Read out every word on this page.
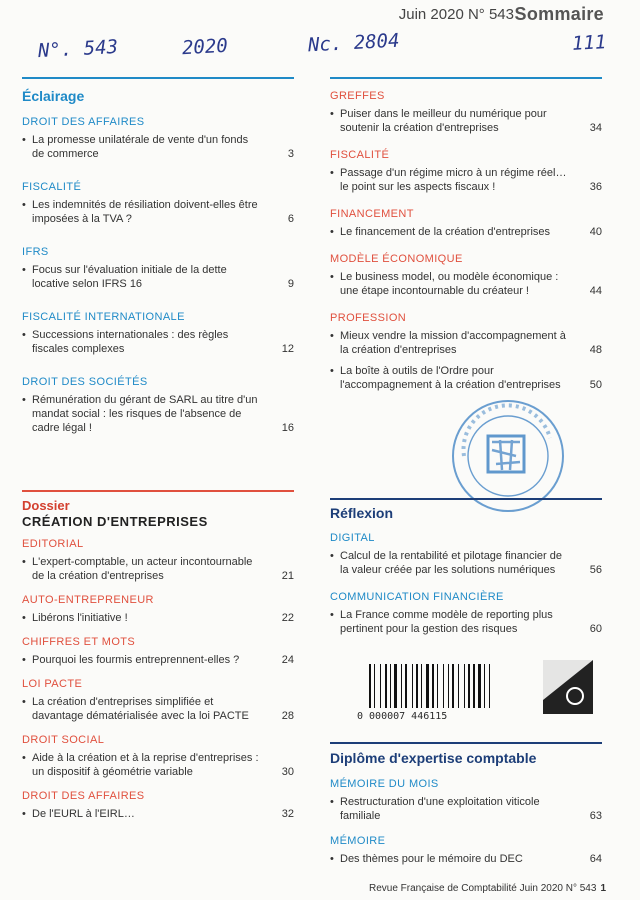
N°. 543	2020	Nc. 2804	111
Juin 2020 N° 543 Sommaire
Éclairage
DROIT DES AFFAIRES
• La promesse unilatérale de vente d'un fonds de commerce	3
FISCALITÉ
• Les indemnités de résiliation doivent-elles être imposées à la TVA ?	6
IFRS
• Focus sur l'évaluation initiale de la dette locative selon IFRS 16	9
FISCALITÉ INTERNATIONALE
• Successions internationales : des règles fiscales complexes	12
DROIT DES SOCIÉTÉS
• Rémunération du gérant de SARL au titre d'un mandat social : les risques de l'absence de cadre légal !	16
GREFFES
• Puiser dans le meilleur du numérique pour soutenir la création d'entreprises	34
FISCALITÉ
• Passage d'un régime micro à un régime réel… le point sur les aspects fiscaux !	36
FINANCEMENT
• Le financement de la création d'entreprises	40
MODÈLE ÉCONOMIQUE
• Le business model, ou modèle économique : une étape incontournable du créateur !	44
PROFESSION
• Mieux vendre la mission d'accompagnement à la création d'entreprises	48
• La boîte à outils de l'Ordre pour l'accompagnement à la création d'entreprises	50
Dossier
CRÉATION D'ENTREPRISES
EDITORIAL
• L'expert-comptable, un acteur incontournable de la création d'entreprises	21
AUTO-ENTREPRENEUR
• Libérons l'initiative !	22
CHIFFRES ET MOTS
• Pourquoi les fourmis entreprennent-elles ?	24
LOI PACTE
• La création d'entreprises simplifiée et davantage dématérialisée avec la loi PACTE	28
DROIT SOCIAL
• Aide à la création et à la reprise d'entreprises : un dispositif à géométrie variable	30
DROIT DES AFFAIRES
• De l'EURL à l'EIRL…	32
Réflexion
DIGITAL
• Calcul de la rentabilité et pilotage financier de la valeur créée par les solutions numériques	56
COMMUNICATION FINANCIÈRE
• La France comme modèle de reporting plus pertinent pour la gestion des risques	60
0 000007 446115
Diplôme d'expertise comptable
MÉMOIRE DU MOIS
• Restructuration d'une exploitation viticole familiale	63
MÉMOIRE
• Des thèmes pour le mémoire du DEC	64
Revue Française de Comptabilité Juin 2020 N° 543 1
